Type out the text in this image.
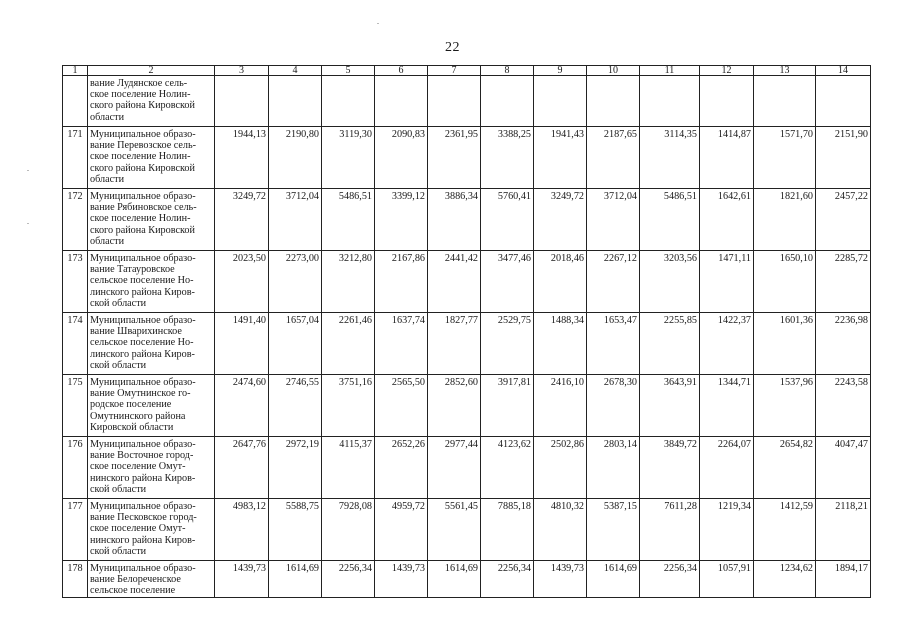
22
1	2	3	4	5	6	7	8	9	10	11	12	13	14

	вание Лудянское сель-
ское поселение Нолин-
ского района Кировской
области												

171	Муниципальное образо-
вание Перевозское сель-
ское поселение Нолин-
ского района Кировской
области	1944,13	2190,80	3119,30	2090,83	2361,95	3388,25	1941,43	2187,65	3114,35	1414,87	1571,70	2151,90
172	Муниципальное образо-
вание Рябиновское сель-
ское поселение Нолин-
ского района Кировской
области	3249,72	3712,04	5486,51	3399,12	3886,34	5760,41	3249,72	3712,04	5486,51	1642,61	1821,60	2457,22
173	Муниципальное образо-
вание Татауровское
сельское поселение Но-
линского района Киров-
ской области	2023,50	2273,00	3212,80	2167,86	2441,42	3477,46	2018,46	2267,12	3203,56	1471,11	1650,10	2285,72
174	Муниципальное образо-
вание Шварихинское
сельское поселение Но-
линского района Киров-
ской области	1491,40	1657,04	2261,46	1637,74	1827,77	2529,75	1488,34	1653,47	2255,85	1422,37	1601,36	2236,98
175	Муниципальное образо-
вание Омутнинское го-
родское поселение
Омутнинского района
Кировской области	2474,60	2746,55	3751,16	2565,50	2852,60	3917,81	2416,10	2678,30	3643,91	1344,71	1537,96	2243,58
176	Муниципальное образо-
вание Восточное город-
ское поселение Омут-
нинского района Киров-
ской области	2647,76	2972,19	4115,37	2652,26	2977,44	4123,62	2502,86	2803,14	3849,72	2264,07	2654,82	4047,47
177	Муниципальное образо-
вание Песковское город-
ское поселение Омут-
нинского района Киров-
ской области	4983,12	5588,75	7928,08	4959,72	5561,45	7885,18	4810,32	5387,15	7611,28	1219,34	1412,59	2118,21
178	Муниципальное образо-
вание Белореченское
сельское поселение	1439,73	1614,69	2256,34	1439,73	1614,69	2256,34	1439,73	1614,69	2256,34	1057,91	1234,62	1894,17
